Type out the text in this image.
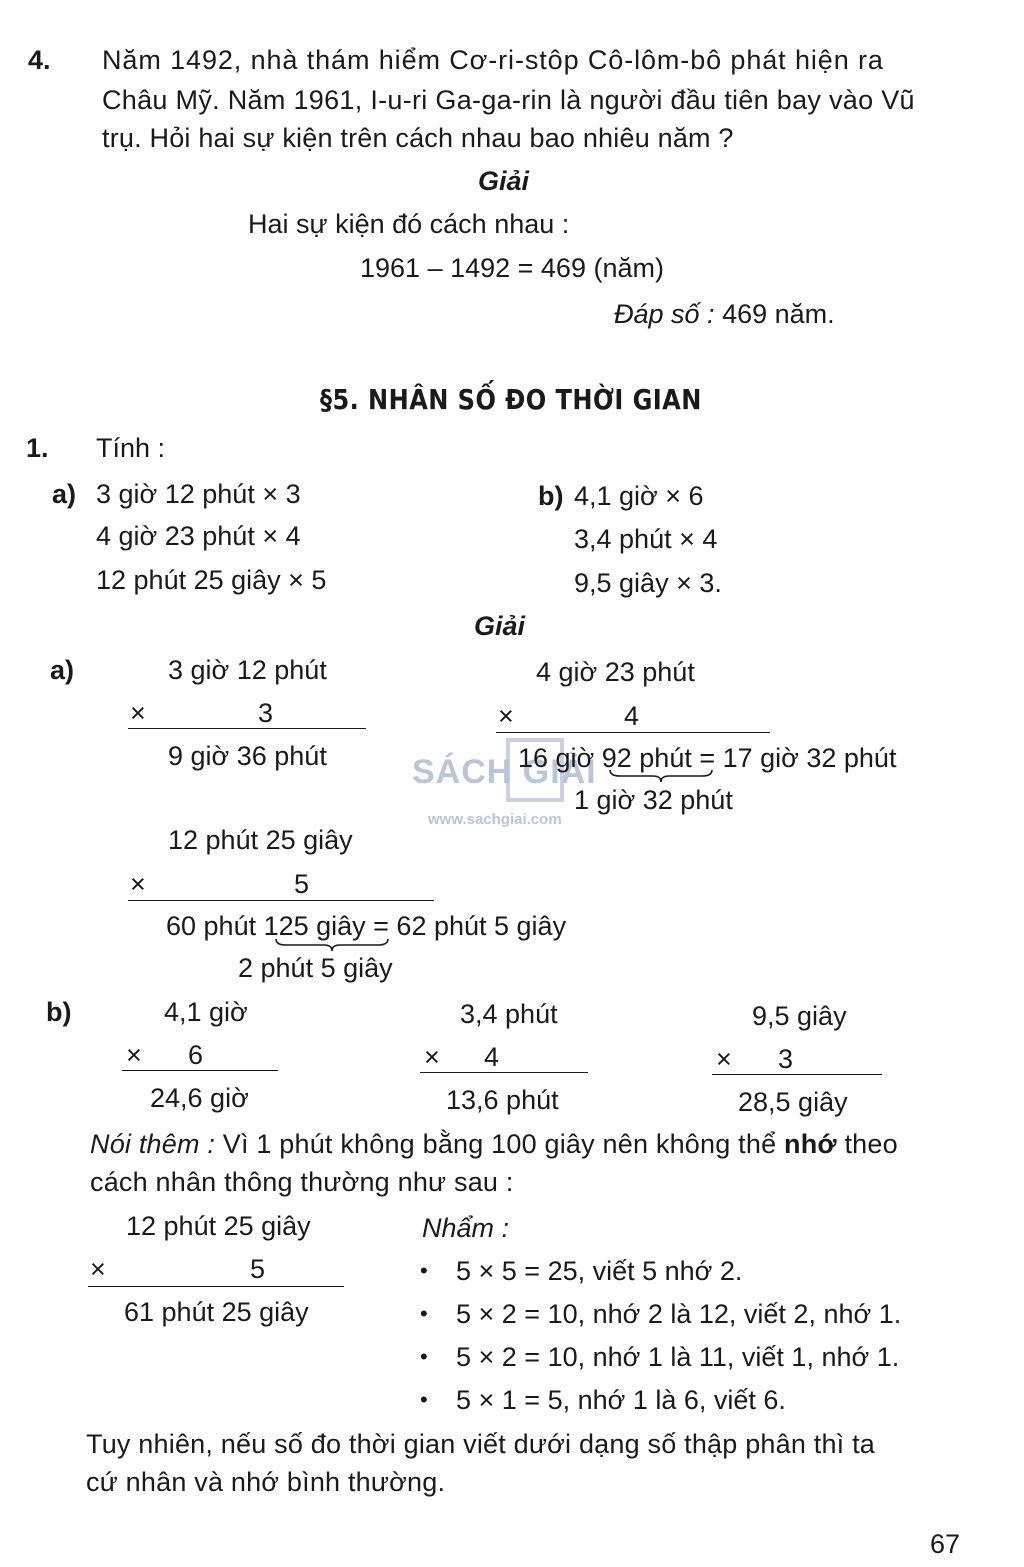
SÁCH GIẢI
www.sachgiai.com
4. Năm 1492, nhà thám hiểm Cơ-ri-stôp Cô-lôm-bô phát hiện ra
Châu Mỹ. Năm 1961, I-u-ri Ga-ga-rin là người đầu tiên bay vào Vũ
trụ. Hỏi hai sự kiện trên cách nhau bao nhiêu năm ?
Giải
Hai sự kiện đó cách nhau :
1961 – 1492 = 469 (năm)
Đáp số : 469 năm.
§5. NHÂN SỐ ĐO THỜI GIAN
1. Tính :
a) 3 giờ 12 phút × 3
4 giờ 23 phút × 4
12 phút 25 giây × 5
b) 4,1 giờ × 6
3,4 phút × 4
9,5 giây × 3.
Giải
a)	3 giờ 12 phút
×	3
9 giờ 36 phút
4 giờ 23 phút
×	4
16 giờ 92 phút = 17 giờ 32 phút
1 giờ 32 phút
12 phút 25 giây
×	5
60 phút 125 giây = 62 phút 5 giây
2 phút 5 giây
b)	4,1 giờ
× 6
24,6 giờ
3,4 phút
× 4
13,6 phút
9,5 giây
× 3
28,5 giây
Nói thêm : Vì 1 phút không bằng 100 giây nên không thể nhớ theo
cách nhân thông thường như sau :
12 phút 25 giây
×	5
61 phút 25 giây
Nhẩm :
• 5 × 5 = 25, viết 5 nhớ 2.
• 5 × 2 = 10, nhớ 2 là 12, viết 2, nhớ 1.
• 5 × 2 = 10, nhớ 1 là 11, viết 1, nhớ 1.
• 5 × 1 = 5, nhớ 1 là 6, viết 6.
Tuy nhiên, nếu số đo thời gian viết dưới dạng số thập phân thì ta
cứ nhân và nhớ bình thường.
67
